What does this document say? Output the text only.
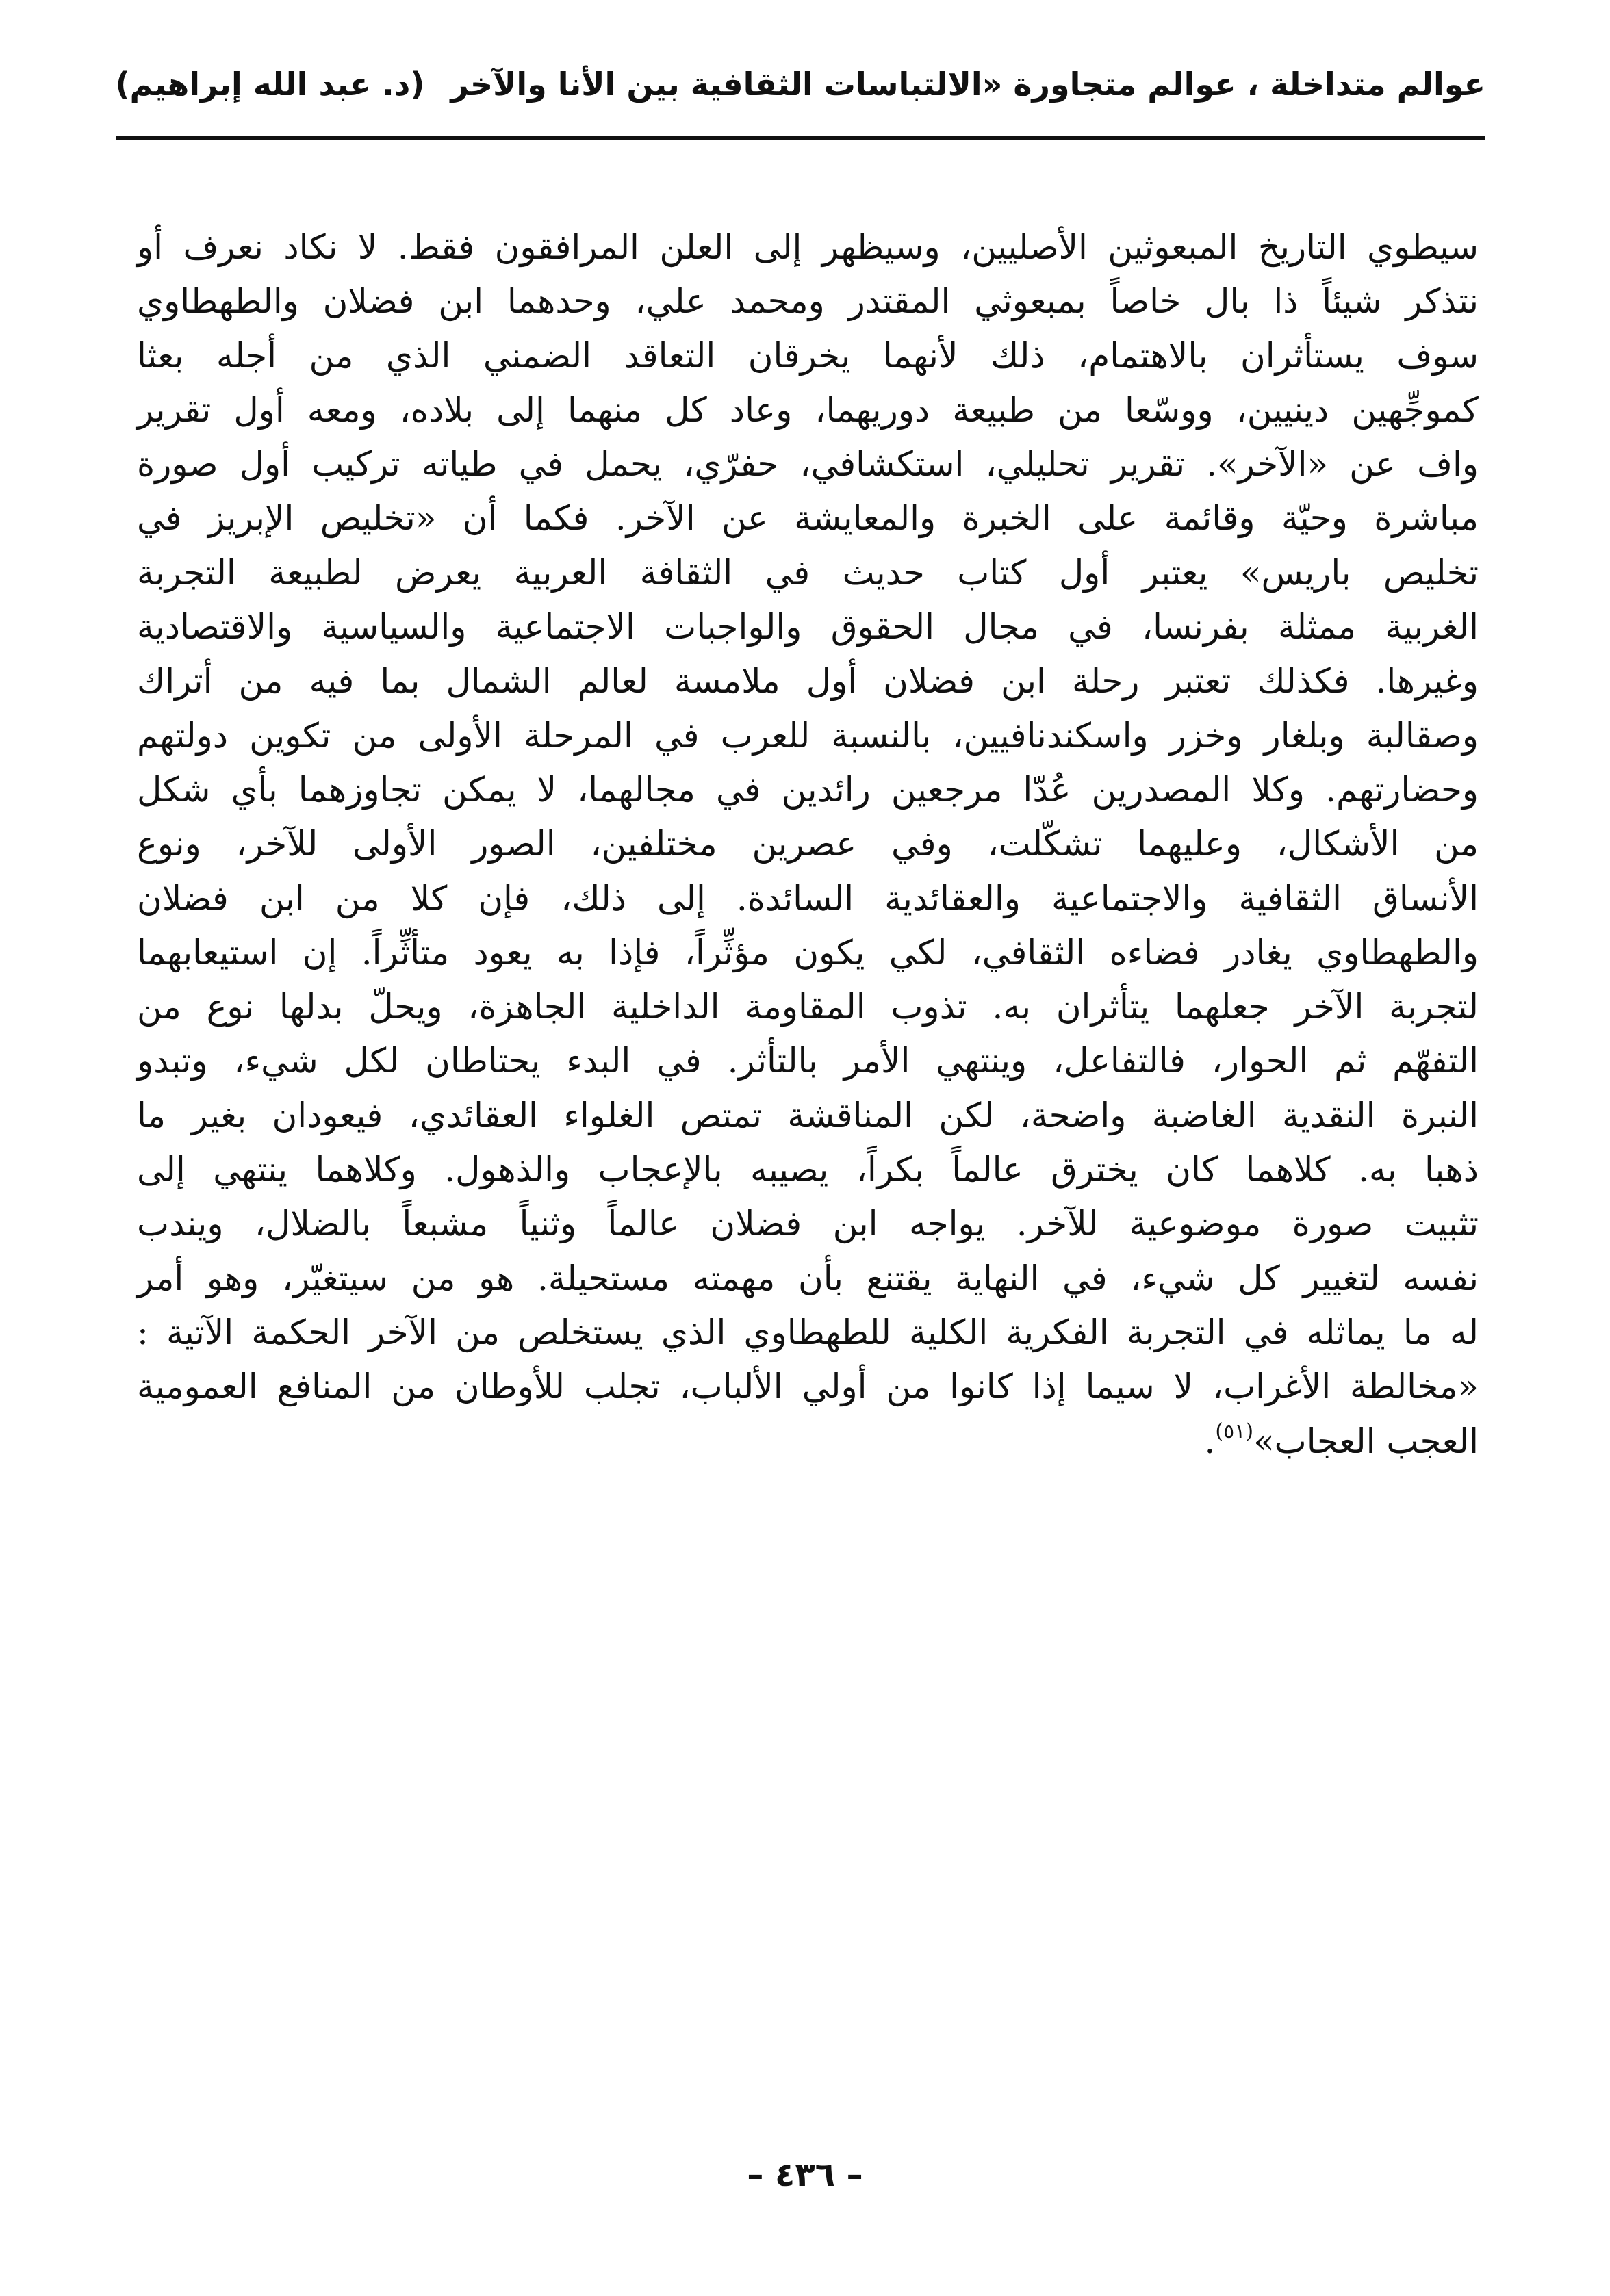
عوالم متداخلة ، عوالم متجاورة «الالتباسات الثقافية بين الأنا والآخر(د. عبد الله إبراهيم)
سيطوي التاريخ المبعوثين الأصليين، وسيظهر إلى العلن المرافقون فقط. لا نكاد نعرف أو
نتذكر شيئاً ذا بال خاصاً بمبعوثي المقتدر ومحمد علي، وحدهما ابن فضلان والطهطاوي
سوف يستأثران بالاهتمام، ذلك لأنهما يخرقان التعاقد الضمني الذي من أجله بعثا
كموجِّهين دينيين، ووسّعا من طبيعة دوريهما، وعاد كل منهما إلى بلاده، ومعه أول تقرير
واف عن «الآخر». تقرير تحليلي، استكشافي، حفرّي، يحمل في طياته تركيب أول صورة
مباشرة وحيّة وقائمة على الخبرة والمعايشة عن الآخر. فكما أن «تخليص الإبريز في
تخليص باريس» يعتبر أول كتاب حديث في الثقافة العربية يعرض لطبيعة التجربة
الغربية ممثلة بفرنسا، في مجال الحقوق والواجبات الاجتماعية والسياسية والاقتصادية
وغيرها. فكذلك تعتبر رحلة ابن فضلان أول ملامسة لعالم الشمال بما فيه من أتراك
وصقالبة وبلغار وخزر واسكندنافيين، بالنسبة للعرب في المرحلة الأولى من تكوين دولتهم
وحضارتهم. وكلا المصدرين عُدّا مرجعين رائدين في مجالهما، لا يمكن تجاوزهما بأي شكل
من الأشكال، وعليهما تشكّلت، وفي عصرين مختلفين، الصور الأولى للآخر، ونوع
الأنساق الثقافية والاجتماعية والعقائدية السائدة. إلى ذلك، فإن كلا من ابن فضلان
والطهطاوي يغادر فضاءه الثقافي، لكي يكون مؤثِّراً، فإذا به يعود متأثِّراً. إن استيعابهما
لتجربة الآخر جعلهما يتأثران به. تذوب المقاومة الداخلية الجاهزة، ويحلّ بدلها نوع من
التفهّم ثم الحوار، فالتفاعل، وينتهي الأمر بالتأثر. في البدء يحتاطان لكل شيء، وتبدو
النبرة النقدية الغاضبة واضحة، لكن المناقشة تمتص الغلواء العقائدي، فيعودان بغير ما
ذهبا به. كلاهما كان يخترق عالماً بكراً، يصيبه بالإعجاب والذهول. وكلاهما ينتهي إلى
تثبيت صورة موضوعية للآخر. يواجه ابن فضلان عالماً وثنياً مشبعاً بالضلال، ويندب
نفسه لتغيير كل شيء، في النهاية يقتنع بأن مهمته مستحيلة. هو من سيتغيّر، وهو أمر
له ما يماثله في التجربة الفكرية الكلية للطهطاوي الذي يستخلص من الآخر الحكمة الآتية :
«مخالطة الأغراب، لا سيما إذا كانوا من أولي الألباب، تجلب للأوطان من المنافع العمومية
العجب العجاب»$^{(٥١)}$.
– ٤٣٦ –
